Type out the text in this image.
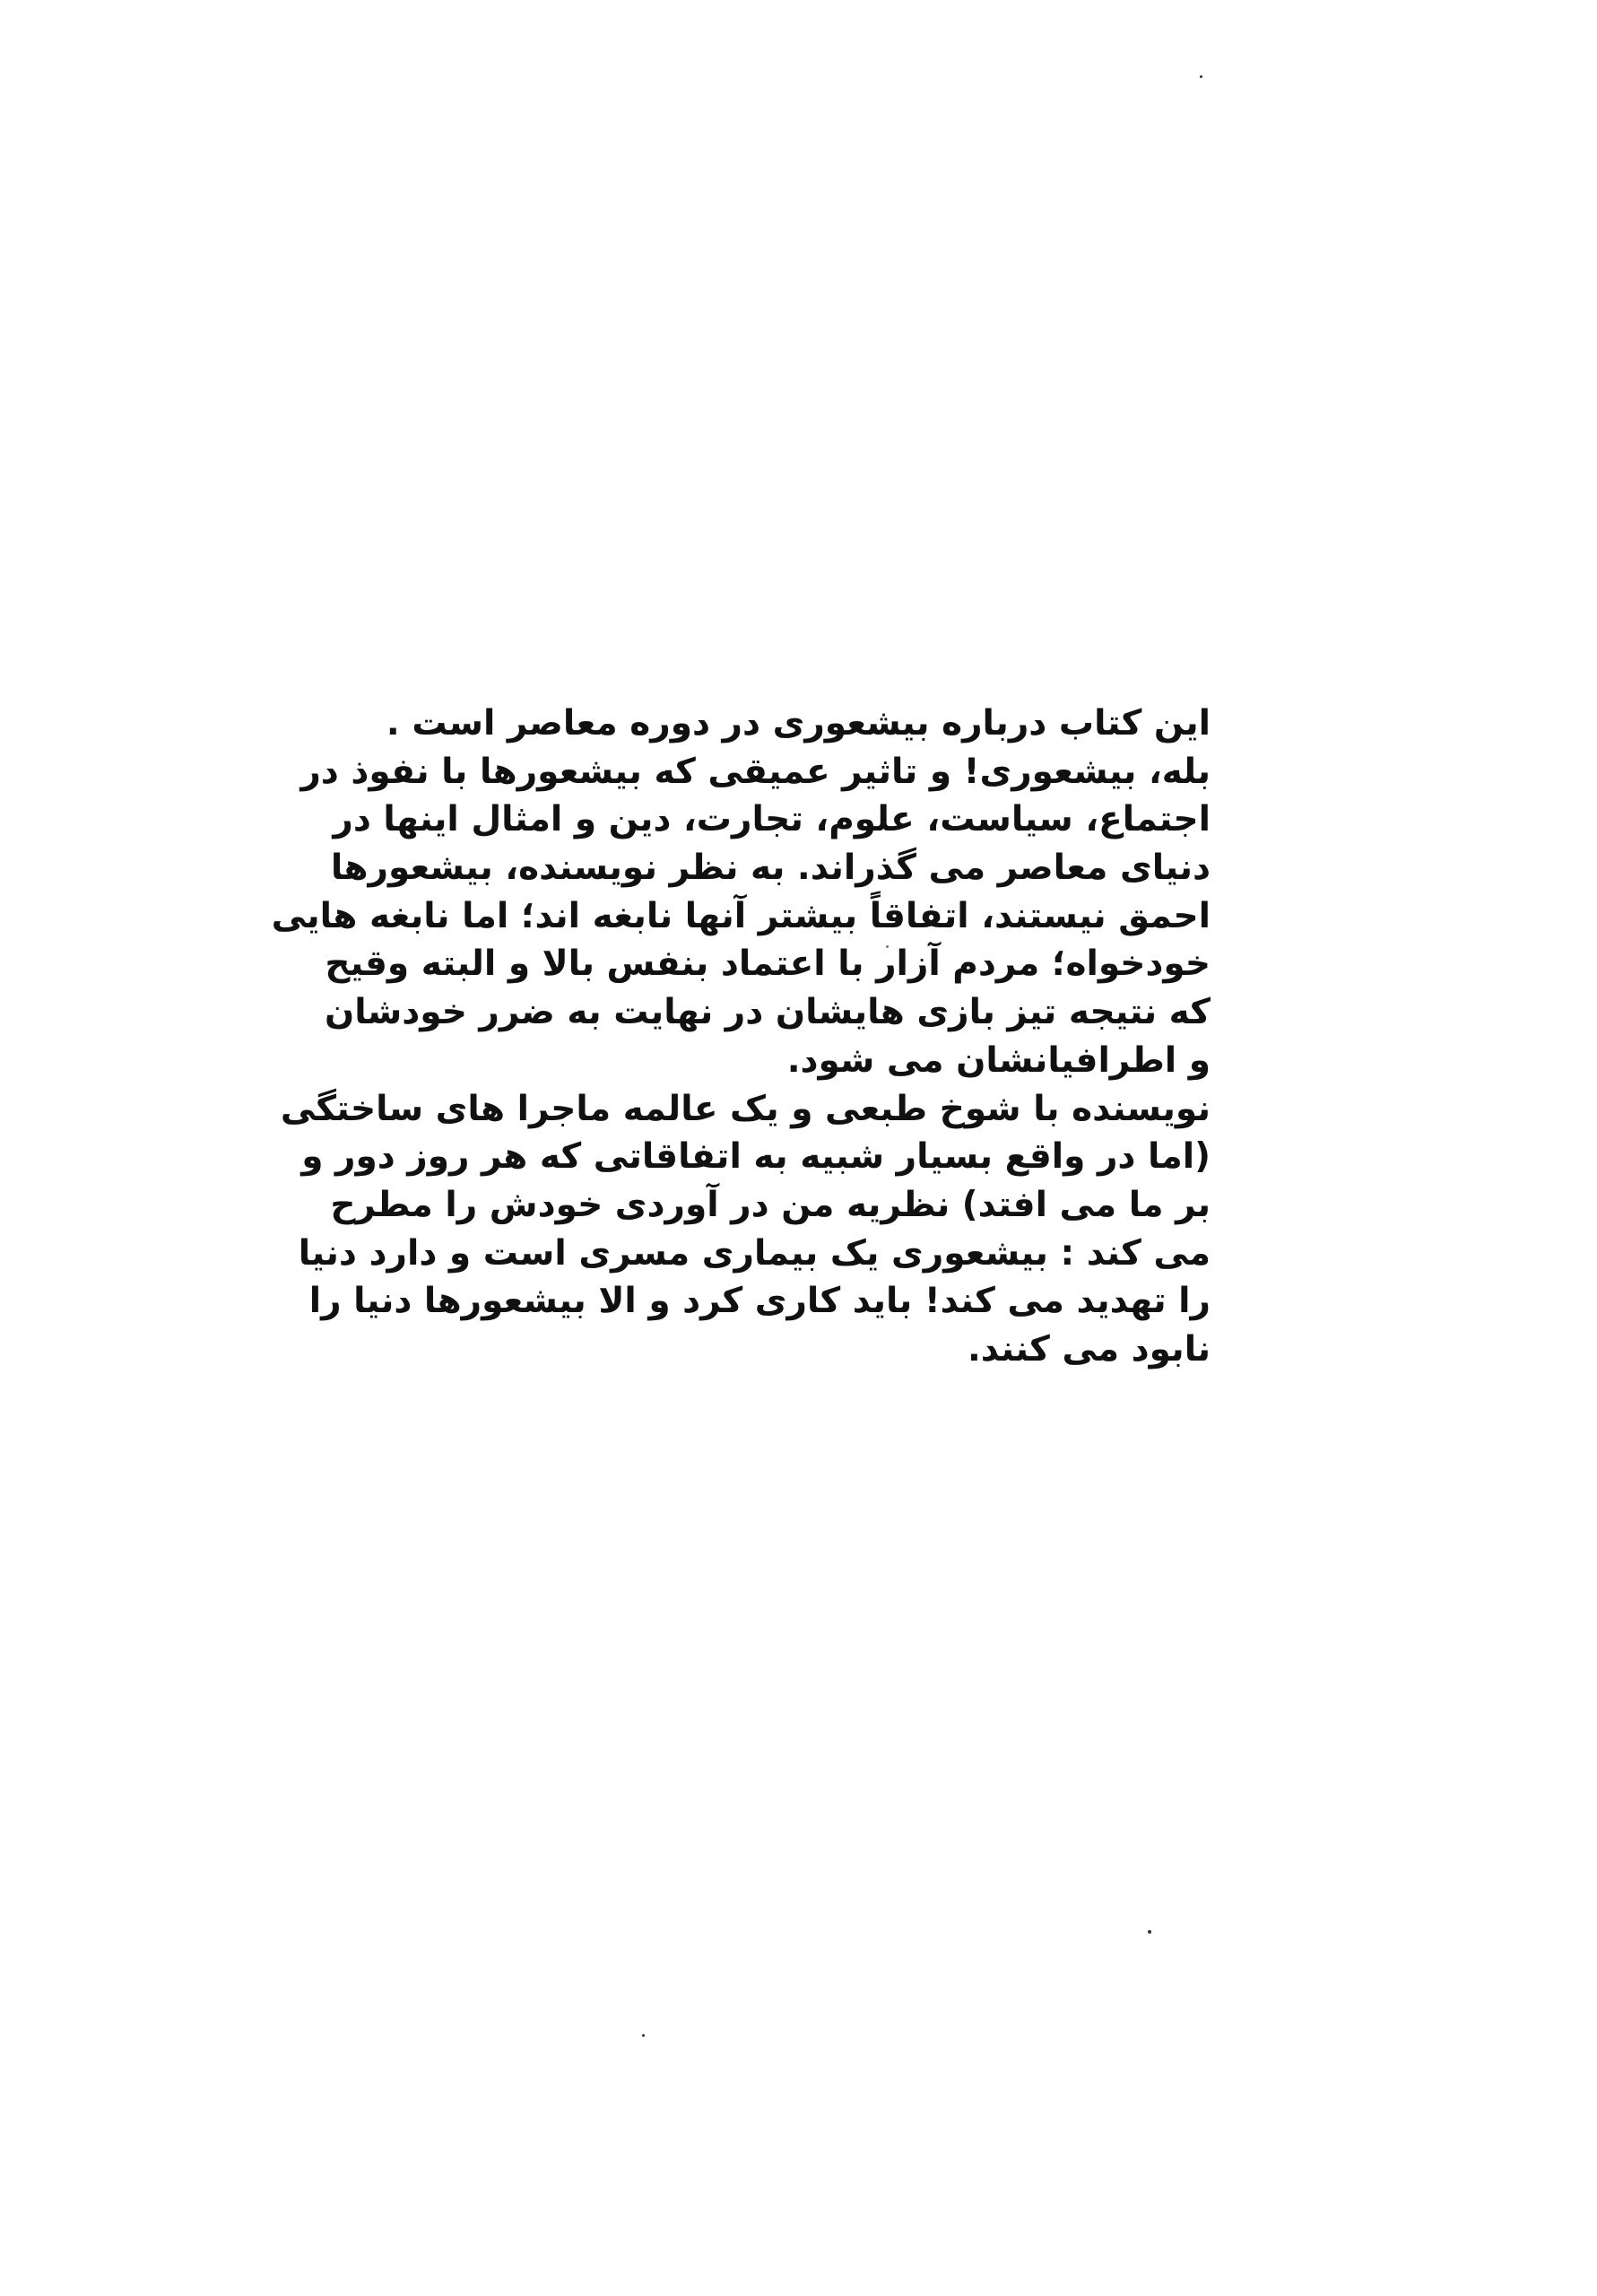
این کتاب درباره بیشعوری در دوره معاصر است .
بله، بیشعوری! و تاثیر عمیقی که بیشعورها با نفوذ در
اجتماع، سیاست، علوم، تجارت، دین و امثال اینها در
دنیای معاصر می گذراند. به نظر نویسنده، بیشعورها
احمق نیستند، اتفاقاً بیشتر آنها نابغه اند؛ اما نابغه هایی
خودخواه؛ مردم آزار با اعتماد بنفس بالا و البته وقیح
که نتیجه تیز بازی هایشان در نهایت به ضرر خودشان
و اطرافیانشان می شود.
نویسنده با شوخ طبعی و یک عالمه ماجرا های ساختگی
(اما در واقع بسیار شبیه به اتفاقاتی که هر روز دور و
بر ما می افتد) نظریه من در آوردی خودش را مطرح
می کند : بیشعوری یک بیماری مسری است و دارد دنیا
را تهدید می کند! باید کاری کرد و الا بیشعورها دنیا را
نابود می کنند.
